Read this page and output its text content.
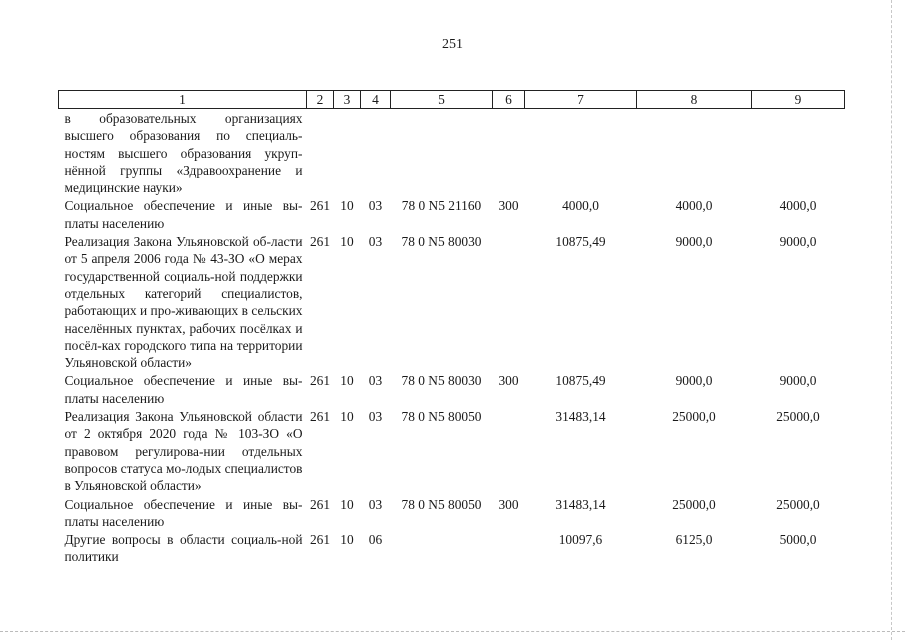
251
1	2	3	4	5	6	7	8	9
в образовательных организациях высшего образования по специаль-ностям высшего образования укруп-нённой группы «Здравоохранение и медицинские науки»								
Социальное обеспечение и иные вы-платы населению	261	10	03	78 0 N5 21160	300	4000,0	4000,0	4000,0
Реализация Закона Ульяновской об-ласти от 5 апреля 2006 года № 43-ЗО «О мерах государственной социаль-ной поддержки отдельных категорий специалистов, работающих и про-живающих в сельских населённых пунктах, рабочих посёлках и посёл-ках городского типа на территории Ульяновской области»	261	10	03	78 0 N5 80030		10875,49	9000,0	9000,0
Социальное обеспечение и иные вы-платы населению	261	10	03	78 0 N5 80030	300	10875,49	9000,0	9000,0
Реализация Закона Ульяновской области от 2 октября 2020 года № 103-ЗО «О правовом регулирова-нии отдельных вопросов статуса мо-лодых специалистов в Ульяновской области»	261	10	03	78 0 N5 80050		31483,14	25000,0	25000,0
Социальное обеспечение и иные вы-платы населению	261	10	03	78 0 N5 80050	300	31483,14	25000,0	25000,0
Другие вопросы в области социаль-ной политики	261	10	06			10097,6	6125,0	5000,0
